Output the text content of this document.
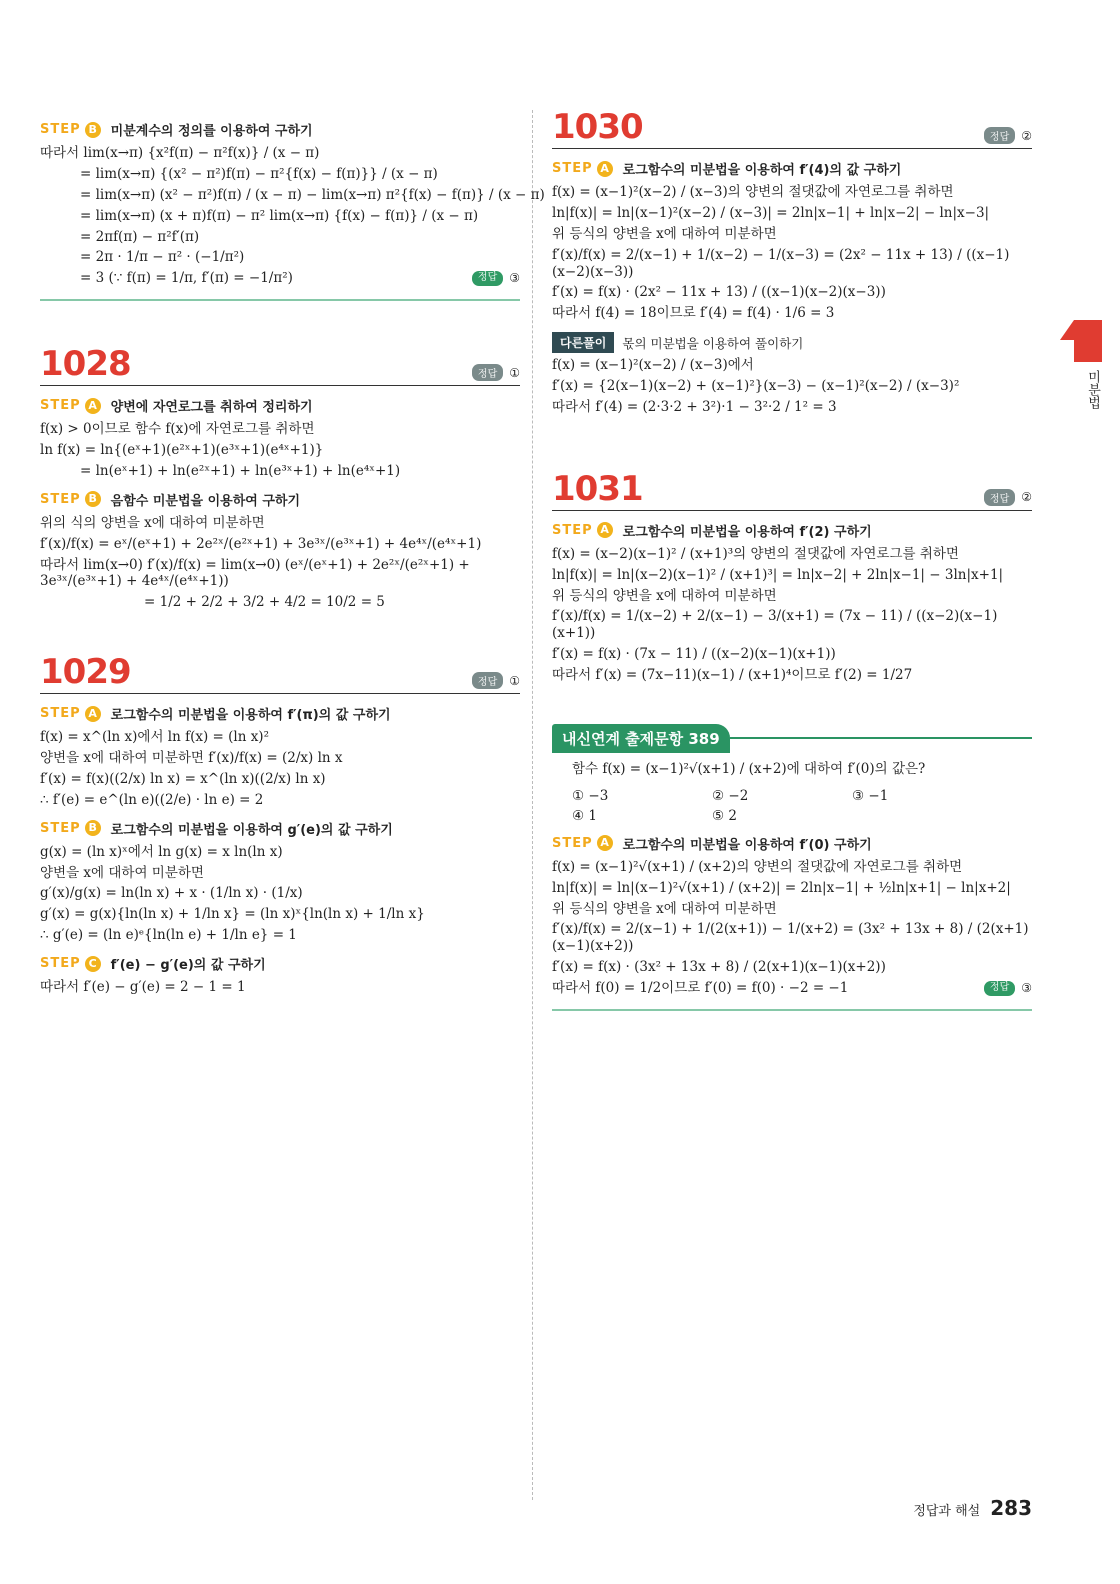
미분법
STEP B 미분계수의 정의를 이용하여 구하기
따라서 lim(x→π) {x²f(π) − π²f(x)} / (x − π)
= lim(x→π) {(x² − π²)f(π) − π²{f(x) − f(π)}} / (x − π)
= lim(x→π) (x² − π²)f(π) / (x − π) − lim(x→π) π²{f(x) − f(π)} / (x − π)
= lim(x→π) (x + π)f(π) − π² lim(x→π) {f(x) − f(π)} / (x − π)
= 2πf(π) − π²f′(π)
= 2π · 1/π − π² · (−1/π²)
= 3 (∵ f(π) = 1/π, f′(π) = −1/π²)	정답	③
1028	정답	①
STEP A 양변에 자연로그를 취하여 정리하기
f(x) > 0이므로 함수 f(x)에 자연로그를 취하면
ln f(x) = ln{(eˣ+1)(e²ˣ+1)(e³ˣ+1)(e⁴ˣ+1)}
= ln(eˣ+1) + ln(e²ˣ+1) + ln(e³ˣ+1) + ln(e⁴ˣ+1)
STEP B 음함수 미분법을 이용하여 구하기
위의 식의 양변을 x에 대하여 미분하면
f′(x)/f(x) = eˣ/(eˣ+1) + 2e²ˣ/(e²ˣ+1) + 3e³ˣ/(e³ˣ+1) + 4e⁴ˣ/(e⁴ˣ+1)
따라서 lim(x→0) f′(x)/f(x) = lim(x→0) (eˣ/(eˣ+1) + 2e²ˣ/(e²ˣ+1) + 3e³ˣ/(e³ˣ+1) + 4e⁴ˣ/(e⁴ˣ+1))
= 1/2 + 2/2 + 3/2 + 4/2 = 10/2 = 5
1029	정답	①
STEP A 로그함수의 미분법을 이용하여 f′(π)의 값 구하기
f(x) = x^(ln x)에서 ln f(x) = (ln x)²
양변을 x에 대하여 미분하면 f′(x)/f(x) = (2/x) ln x
f′(x) = f(x)((2/x) ln x) = x^(ln x)((2/x) ln x)
∴ f′(e) = e^(ln e)((2/e) · ln e) = 2
STEP B 로그함수의 미분법을 이용하여 g′(e)의 값 구하기
g(x) = (ln x)ˣ에서 ln g(x) = x ln(ln x)
양변을 x에 대하여 미분하면
g′(x)/g(x) = ln(ln x) + x · (1/ln x) · (1/x)
g′(x) = g(x){ln(ln x) + 1/ln x} = (ln x)ˣ{ln(ln x) + 1/ln x}
∴ g′(e) = (ln e)ᵉ{ln(ln e) + 1/ln e} = 1
STEP C	f′(e) − g′(e)의 값 구하기
따라서 f′(e) − g′(e) = 2 − 1 = 1
1030	정답	②
STEP A 로그함수의 미분법을 이용하여 f′(4)의 값 구하기
f(x) = (x−1)²(x−2) / (x−3)의 양변의 절댓값에 자연로그를 취하면
ln|f(x)| = ln|(x−1)²(x−2) / (x−3)| = 2ln|x−1| + ln|x−2| − ln|x−3|
위 등식의 양변을 x에 대하여 미분하면
f′(x)/f(x) = 2/(x−1) + 1/(x−2) − 1/(x−3) = (2x² − 11x + 13) / ((x−1)(x−2)(x−3))
f′(x) = f(x) · (2x² − 11x + 13) / ((x−1)(x−2)(x−3))
따라서 f(4) = 18이므로 f′(4) = f(4) · 1/6 = 3
다른풀이	몫의 미분법을 이용하여 풀이하기
f(x) = (x−1)²(x−2) / (x−3)에서
f′(x) = {2(x−1)(x−2) + (x−1)²}(x−3) − (x−1)²(x−2) / (x−3)²
따라서 f′(4) = (2·3·2 + 3²)·1 − 3²·2 / 1² = 3
1031	정답	②
STEP A 로그함수의 미분법을 이용하여 f′(2) 구하기
f(x) = (x−2)(x−1)² / (x+1)³의 양변의 절댓값에 자연로그를 취하면
ln|f(x)| = ln|(x−2)(x−1)² / (x+1)³| = ln|x−2| + 2ln|x−1| − 3ln|x+1|
위 등식의 양변을 x에 대하여 미분하면
f′(x)/f(x) = 1/(x−2) + 2/(x−1) − 3/(x+1) = (7x − 11) / ((x−2)(x−1)(x+1))
f′(x) = f(x) · (7x − 11) / ((x−2)(x−1)(x+1))
따라서 f′(x) = (7x−11)(x−1) / (x+1)⁴이므로 f′(2) = 1/27
내신연계 출제문항 389
함수 f(x) = (x−1)²√(x+1) / (x+2)에 대하여 f′(0)의 값은?
① −3	② −2	③ −1
④ 1	⑤ 2
STEP A 로그함수의 미분법을 이용하여 f′(0) 구하기
f(x) = (x−1)²√(x+1) / (x+2)의 양변의 절댓값에 자연로그를 취하면
ln|f(x)| = ln|(x−1)²√(x+1) / (x+2)| = 2ln|x−1| + ½ln|x+1| − ln|x+2|
위 등식의 양변을 x에 대하여 미분하면
f′(x)/f(x) = 2/(x−1) + 1/(2(x+1)) − 1/(x+2) = (3x² + 13x + 8) / (2(x+1)(x−1)(x+2))
f′(x) = f(x) · (3x² + 13x + 8) / (2(x+1)(x−1)(x+2))
따라서 f(0) = 1/2이므로 f′(0) = f(0) · −2 = −1	정답	③
정답과 해설 283
